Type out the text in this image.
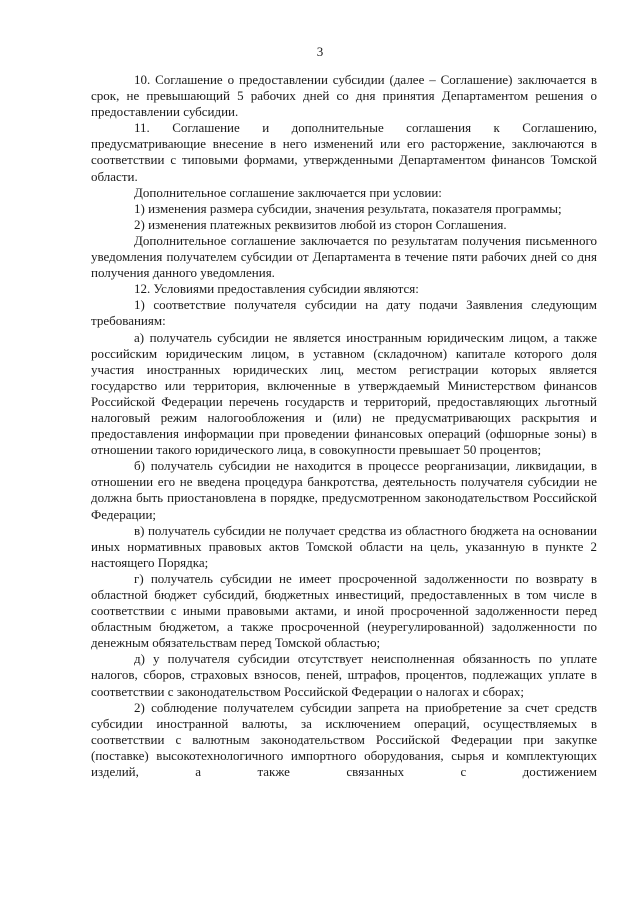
3

10. Соглашение о предоставлении субсидии (далее – Соглашение) заключается в срок, не превышающий 5 рабочих дней со дня принятия Департаментом решения о предоставлении субсидии.

11. Соглашение и дополнительные соглашения к Соглашению, предусматривающие внесение в него изменений или его расторжение, заключаются в соответствии с типовыми формами, утвержденными Департаментом финансов Томской области.

Дополнительное соглашение заключается при условии:

1) изменения размера субсидии, значения результата, показателя программы;

2) изменения платежных реквизитов любой из сторон Соглашения.

Дополнительное соглашение заключается по результатам получения письменного уведомления получателем субсидии от Департамента в течение пяти рабочих дней со дня получения данного уведомления.

12. Условиями предоставления субсидии являются:

1) соответствие получателя субсидии на дату подачи Заявления следующим требованиям:

а) получатель субсидии не является иностранным юридическим лицом, а также российским юридическим лицом, в уставном (складочном) капитале которого доля участия иностранных юридических лиц, местом регистрации которых является государство или территория, включенные в утверждаемый Министерством финансов Российской Федерации перечень государств и территорий, предоставляющих льготный налоговый режим налогообложения и (или) не предусматривающих раскрытия и предоставления информации при проведении финансовых операций (офшорные зоны) в отношении такого юридического лица, в совокупности превышает 50 процентов;

б) получатель субсидии не находится в процессе реорганизации, ликвидации, в отношении его не введена процедура банкротства, деятельность получателя субсидии не должна быть приостановлена в порядке, предусмотренном законодательством Российской Федерации;

в) получатель субсидии не получает средства из областного бюджета на основании иных нормативных правовых актов Томской области на цель, указанную в пункте 2 настоящего Порядка;

г) получатель субсидии не имеет просроченной задолженности по возврату в областной бюджет субсидий, бюджетных инвестиций, предоставленных в том числе в соответствии с иными правовыми актами, и иной просроченной задолженности перед областным бюджетом, а также просроченной (неурегулированной) задолженности по денежным обязательствам перед Томской областью;

д) у получателя субсидии отсутствует неисполненная обязанность по уплате налогов, сборов, страховых взносов, пеней, штрафов, процентов, подлежащих уплате в соответствии с законодательством Российской Федерации о налогах и сборах;

2) соблюдение получателем субсидии запрета на приобретение за счет средств субсидии иностранной валюты, за исключением операций, осуществляемых в соответствии с валютным законодательством Российской Федерации при закупке (поставке) высокотехнологичного импортного оборудования, сырья и комплектующих изделий, а также связанных с достижением
